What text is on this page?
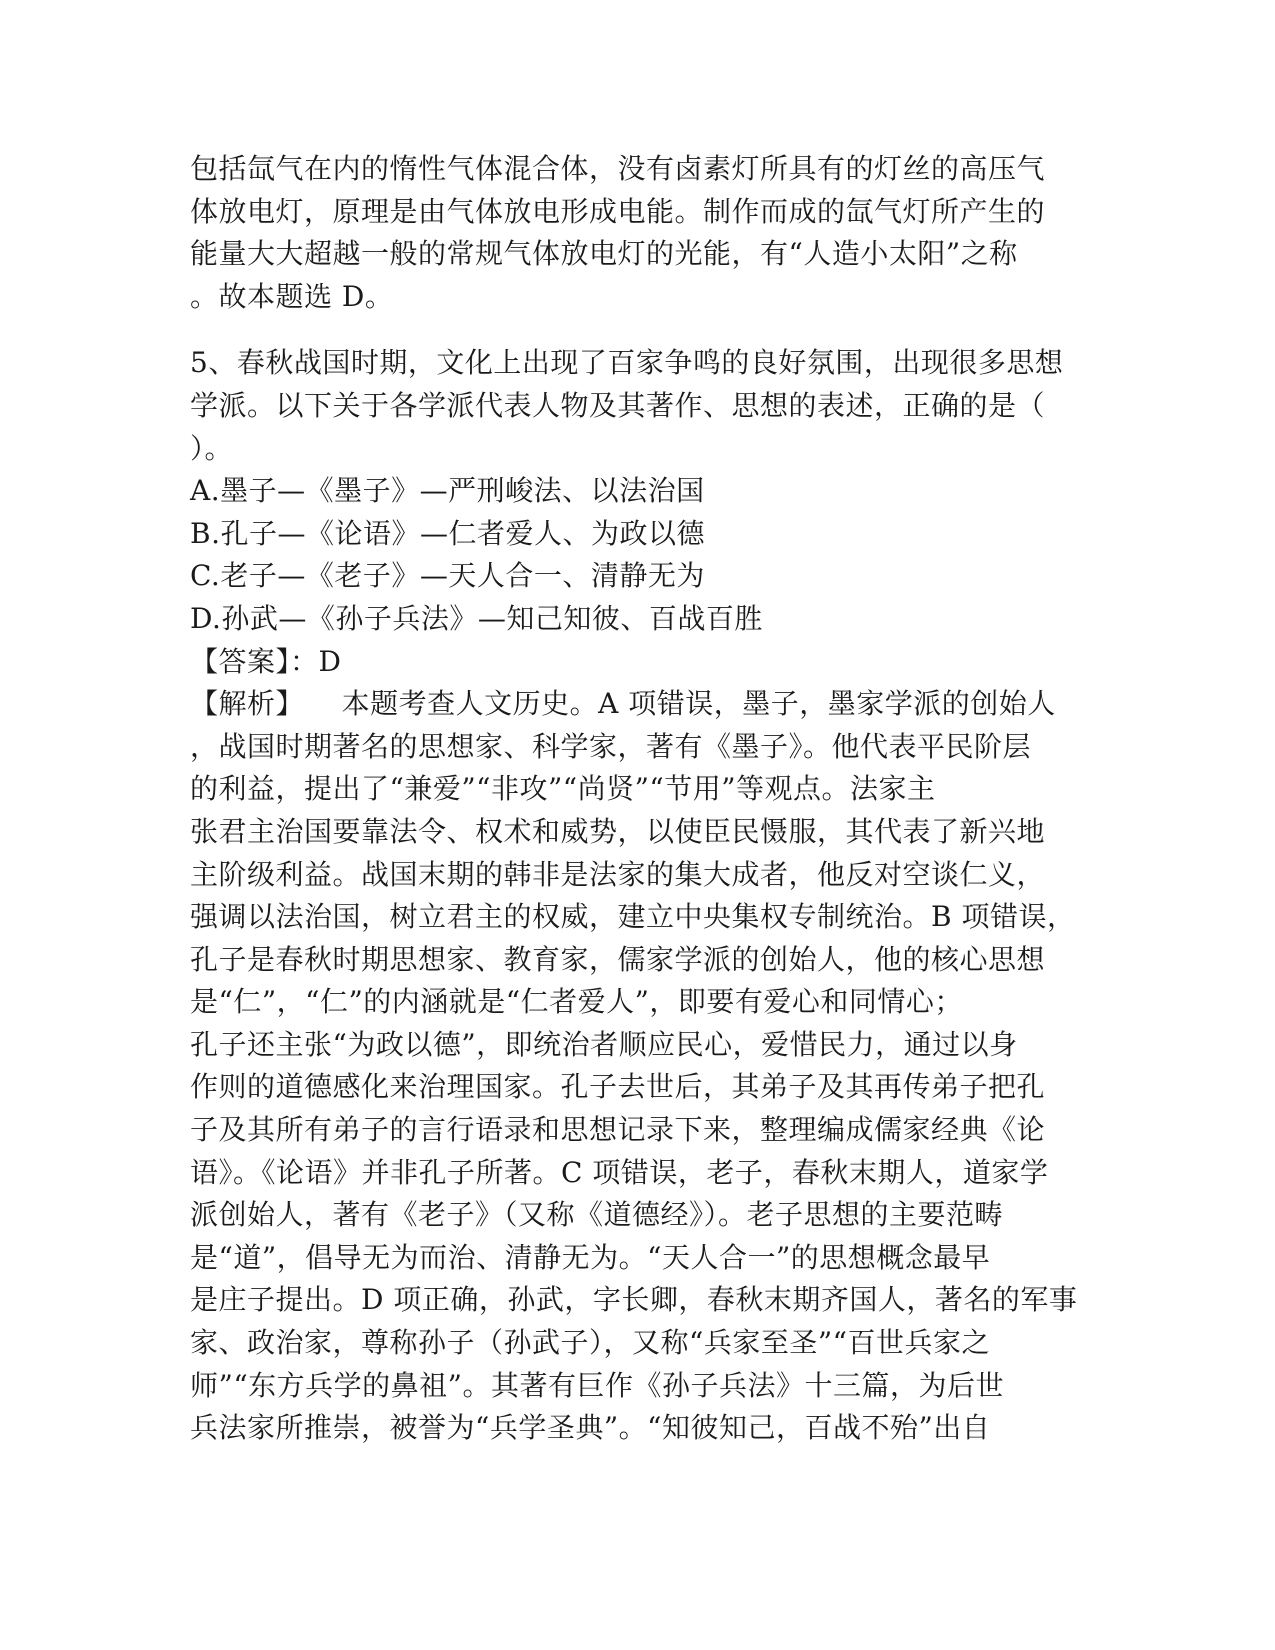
包括氙气在内的惰性气体混合体，没有卤素灯所具有的灯丝的高压气
体放电灯，原理是由气体放电形成电能。制作而成的氙气灯所产生的
能量大大超越一般的常规气体放电灯的光能，有“人造小太阳”之称
。故本题选 D。
5、春秋战国时期，文化上出现了百家争鸣的良好氛围，出现很多思想
学派。以下关于各学派代表人物及其著作、思想的表述，正确的是（
）。
A.墨子—《墨子》—严刑峻法、以法治国
B.孔子—《论语》—仁者爱人、为政以德
C.老子—《老子》—天人合一、清静无为
D.孙武—《孙子兵法》—知己知彼、百战百胜
【答案】：D
【解析】    本题考查人文历史。A 项错误，墨子，墨家学派的创始人
，战国时期著名的思想家、科学家，著有《墨子》。他代表平民阶层
的利益，提出了“兼爱”“非攻”“尚贤”“节用”等观点。法家主
张君主治国要靠法令、权术和威势，以使臣民慑服，其代表了新兴地
主阶级利益。战国末期的韩非是法家的集大成者，他反对空谈仁义，
强调以法治国，树立君主的权威，建立中央集权专制统治。B 项错误，
孔子是春秋时期思想家、教育家，儒家学派的创始人，他的核心思想
是“仁”，“仁”的内涵就是“仁者爱人”，即要有爱心和同情心；
孔子还主张“为政以德”，即统治者顺应民心，爱惜民力，通过以身
作则的道德感化来治理国家。孔子去世后，其弟子及其再传弟子把孔
子及其所有弟子的言行语录和思想记录下来，整理编成儒家经典《论
语》。《论语》并非孔子所著。C 项错误，老子，春秋末期人，道家学
派创始人，著有《老子》（又称《道德经》）。老子思想的主要范畴
是“道”，倡导无为而治、清静无为。“天人合一”的思想概念最早
是庄子提出。D 项正确，孙武，字长卿，春秋末期齐国人，著名的军事
家、政治家，尊称孙子（孙武子），又称“兵家至圣”“百世兵家之
师”“东方兵学的鼻祖”。其著有巨作《孙子兵法》十三篇，为后世
兵法家所推崇，被誉为“兵学圣典”。“知彼知己，百战不殆”出自
